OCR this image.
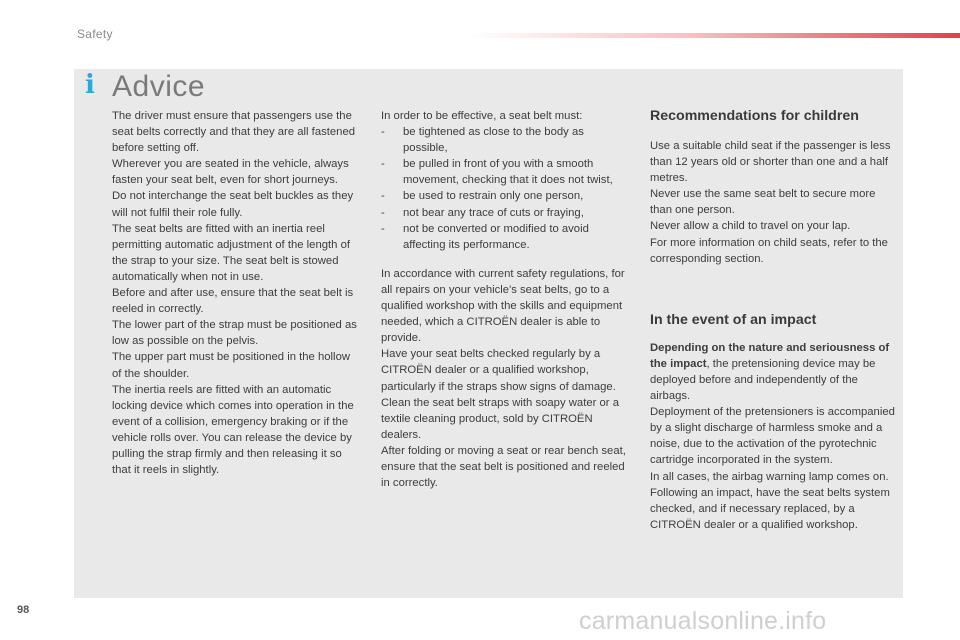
Safety
i Advice

The driver must ensure that passengers use the seat belts correctly and that they are all fastened before setting off.

Wherever you are seated in the vehicle, always fasten your seat belt, even for short journeys.

Do not interchange the seat belt buckles as they will not fulfil their role fully.

The seat belts are fitted with an inertia reel permitting automatic adjustment of the length of the strap to your size. The seat belt is stowed automatically when not in use.

Before and after use, ensure that the seat belt is reeled in correctly.

The lower part of the strap must be positioned as low as possible on the pelvis.

The upper part must be positioned in the hollow of the shoulder.

The inertia reels are fitted with an automatic locking device which comes into operation in the event of a collision, emergency braking or if the vehicle rolls over. You can release the device by pulling the strap firmly and then releasing it so that it reels in slightly.

In order to be effective, a seat belt must:

- be tightened as close to the body as possible,
- be pulled in front of you with a smooth movement, checking that it does not twist,
- be used to restrain only one person,
- not bear any trace of cuts or fraying,
- not be converted or modified to avoid affecting its performance.

In accordance with current safety regulations, for all repairs on your vehicle's seat belts, go to a qualified workshop with the skills and equipment needed, which a CITROËN dealer is able to provide.

Have your seat belts checked regularly by a CITROËN dealer or a qualified workshop, particularly if the straps show signs of damage.

Clean the seat belt straps with soapy water or a textile cleaning product, sold by CITROËN dealers.

After folding or moving a seat or rear bench seat, ensure that the seat belt is positioned and reeled in correctly.

Recommendations for children

Use a suitable child seat if the passenger is less than 12 years old or shorter than one and a half metres.

Never use the same seat belt to secure more than one person.

Never allow a child to travel on your lap.

For more information on child seats, refer to the corresponding section.

In the event of an impact

Depending on the nature and seriousness of the impact, the pretensioning device may be deployed before and independently of the airbags.

Deployment of the pretensioners is accompanied by a slight discharge of harmless smoke and a noise, due to the activation of the pyrotechnic cartridge incorporated in the system.

In all cases, the airbag warning lamp comes on.

Following an impact, have the seat belts system checked, and if necessary replaced, by a CITROËN dealer or a qualified workshop.

98	carmanualsonline.info
